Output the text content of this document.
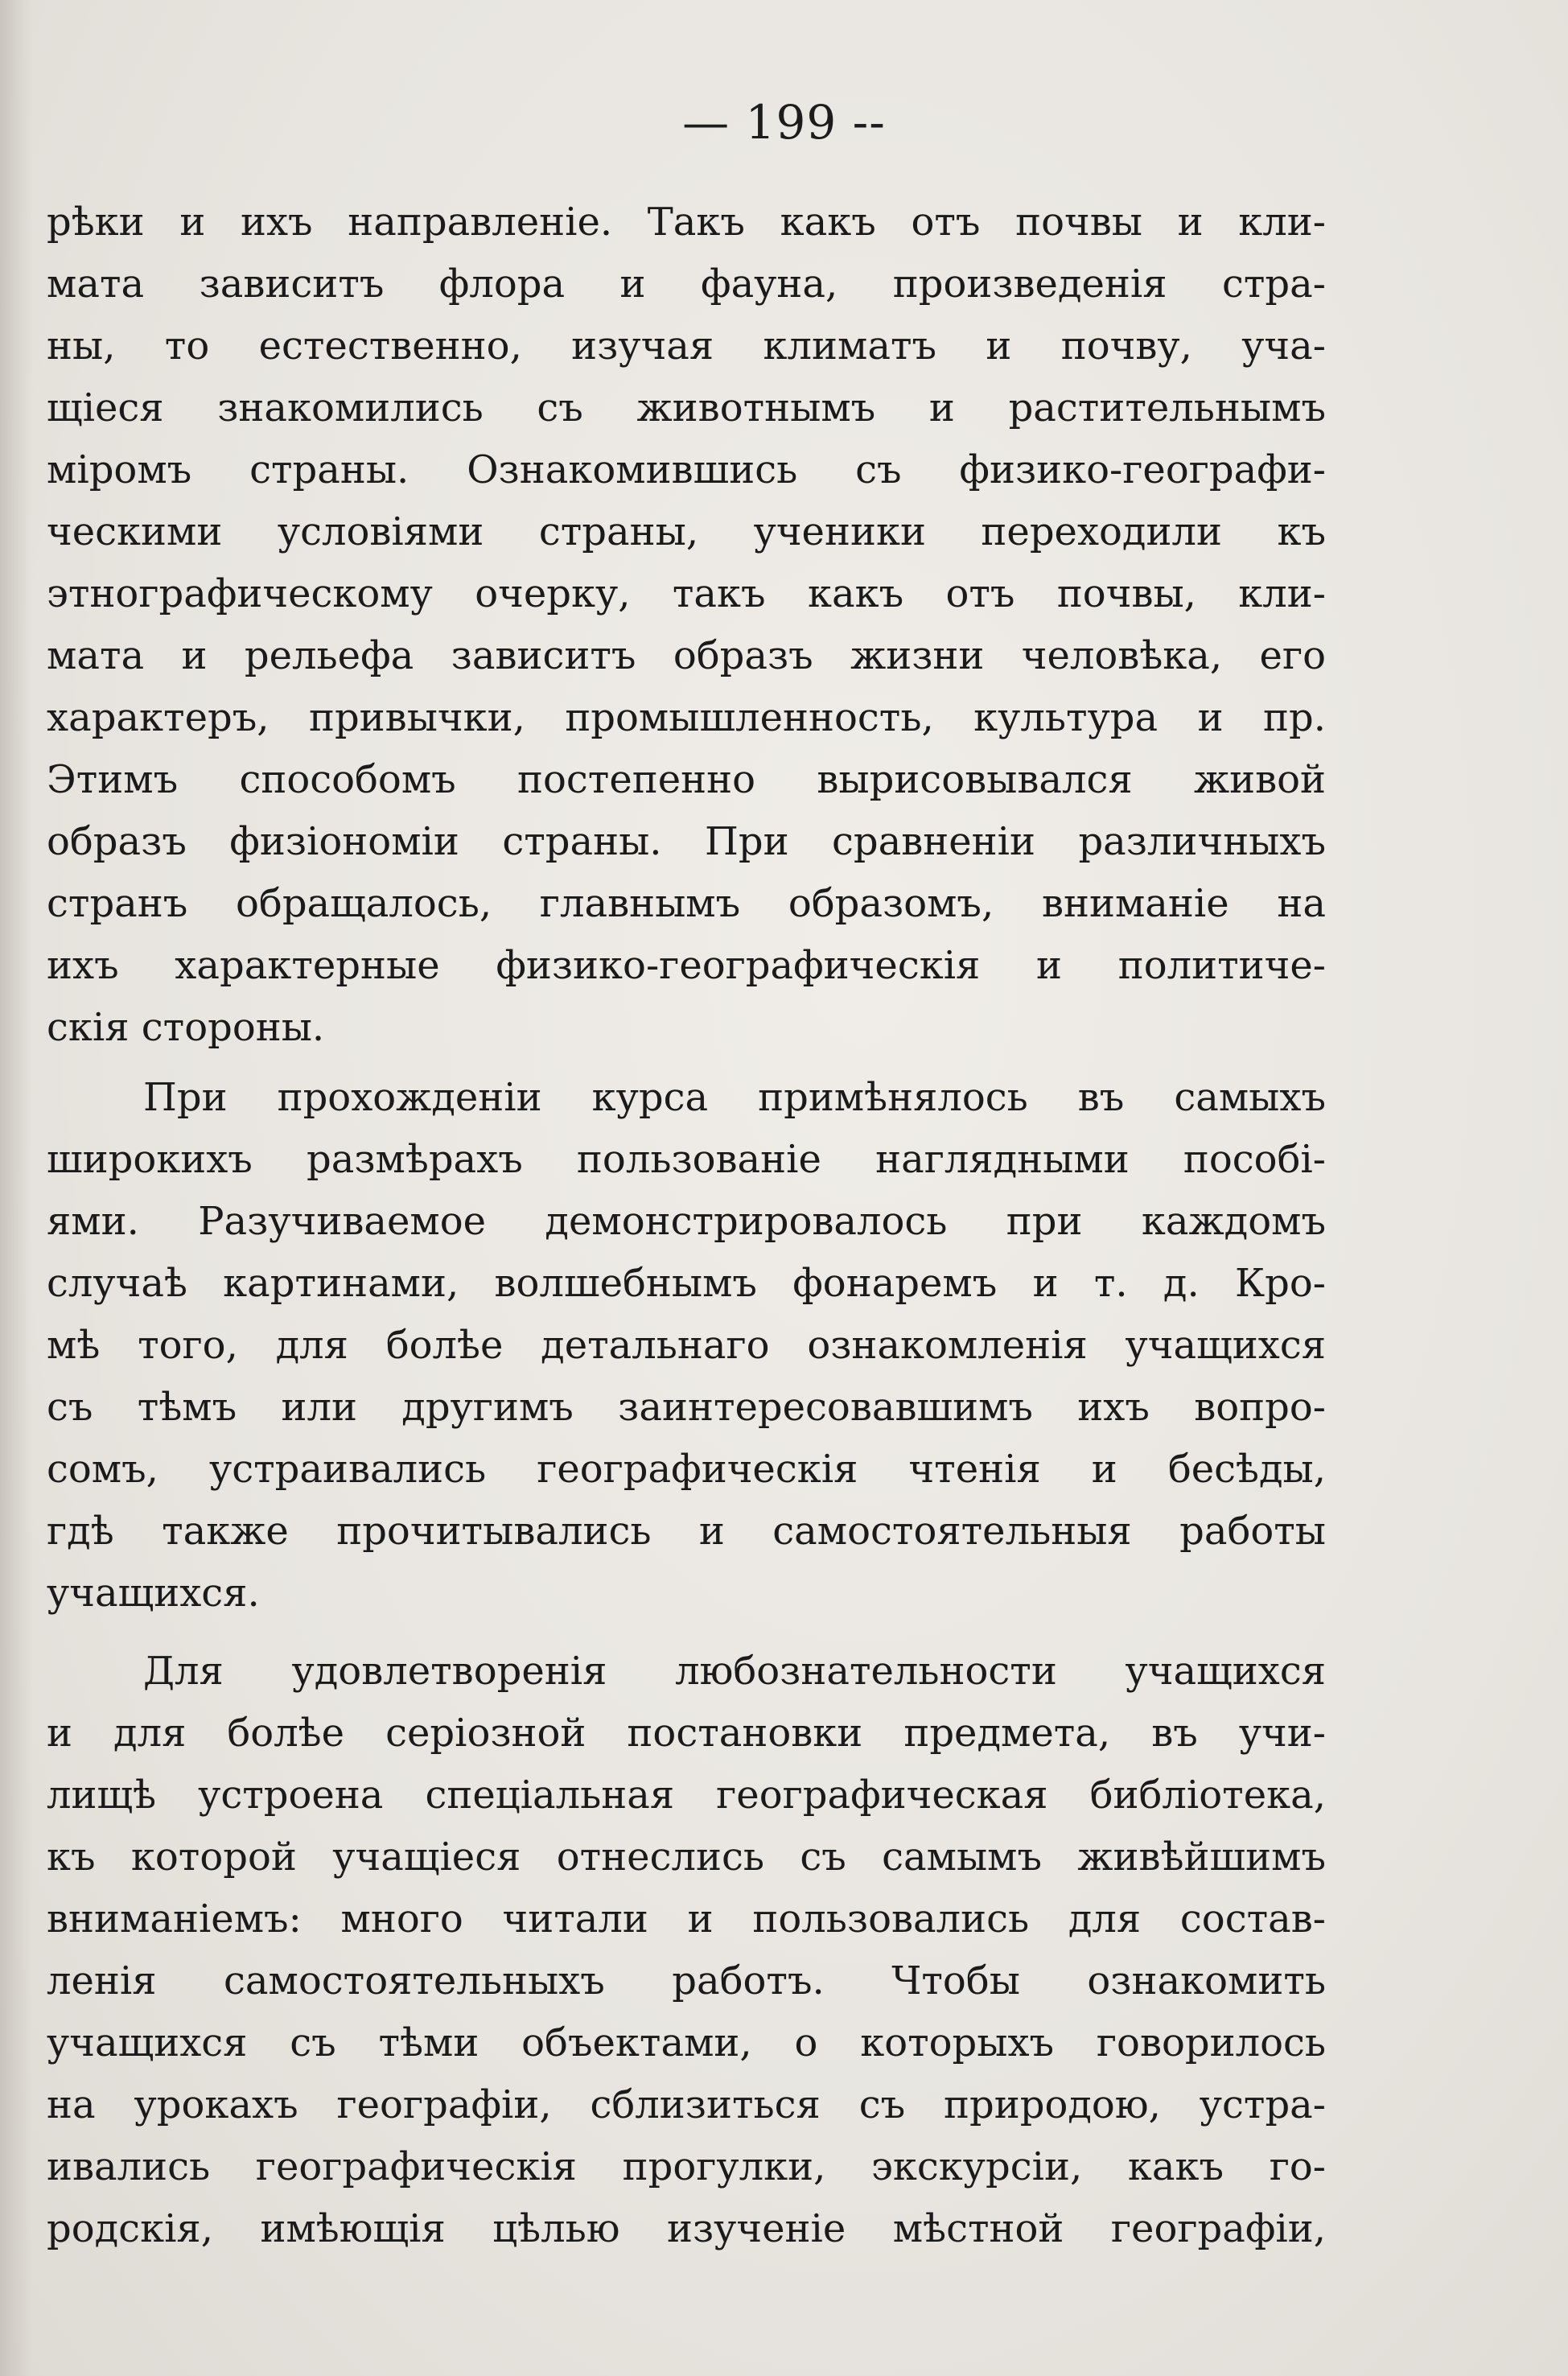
— 199 --
рѣки и ихъ направленіе. Такъ какъ отъ почвы и кли-
мата зависитъ флора и фауна, произведенія стра-
ны, то естественно, изучая климатъ и почву, уча-
щіеся знакомились съ животнымъ и растительнымъ
міромъ страны. Ознакомившись съ физико-географи-
ческими условіями страны, ученики переходили къ
этнографическому очерку, такъ какъ отъ почвы, кли-
мата и рельефа зависитъ образъ жизни человѣка, его
характеръ, привычки, промышленность, культура и пр.
Этимъ способомъ постепенно вырисовывался живой
образъ физіономіи страны. При сравненіи различныхъ
странъ обращалось, главнымъ образомъ, вниманіе на
ихъ характерные физико-географическія и политиче-
скія стороны.
При прохожденіи курса примѣнялось въ самыхъ
широкихъ размѣрахъ пользованіе наглядными пособі-
ями. Разучиваемое демонстрировалось при каждомъ
случаѣ картинами, волшебнымъ фонаремъ и т. д. Кро-
мѣ того, для болѣе детальнаго ознакомленія учащихся
съ тѣмъ или другимъ заинтересовавшимъ ихъ вопро-
сомъ, устраивались географическія чтенія и бесѣды,
гдѣ также прочитывались и самостоятельныя работы
учащихся.
Для удовлетворенія любознательности учащихся
и для болѣе серіозной постановки предмета, въ учи-
лищѣ устроена спеціальная географическая библіотека,
къ которой учащіеся отнеслись съ самымъ живѣйшимъ
вниманіемъ: много читали и пользовались для состав-
ленія самостоятельныхъ работъ. Чтобы ознакомить
учащихся съ тѣми объектами, о которыхъ говорилось
на урокахъ географіи, сблизиться съ природою, устра-
ивались географическія прогулки, экскурсіи, какъ го-
родскія, имѣющія цѣлью изученіе мѣстной географіи,
